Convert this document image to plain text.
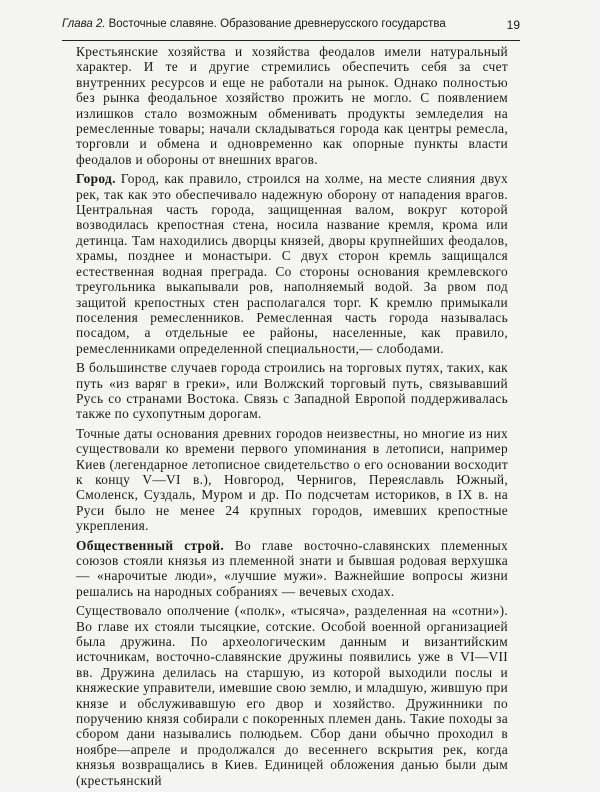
Глава 2. Восточные славяне. Образование древнерусского государства	19

Крестьянские хозяйства и хозяйства феодалов имели натуральный характер. И те и другие стремились обеспечить себя за счет внутренних ресурсов и еще не работали на рынок. Однако полностью без рынка феодальное хозяйство прожить не могло. С появлением излишков стало возможным обменивать продукты земледелия на ремесленные товары; начали складываться города как центры ремесла, торговли и обмена и одновременно как опорные пункты власти феодалов и обороны от внешних врагов.

Город. Город, как правило, строился на холме, на месте слияния двух рек, так как это обеспечивало надежную оборону от нападения врагов. Центральная часть города, защищенная валом, вокруг которой возводилась крепостная стена, носила название кремля, кромa или детинца. Там находились дворцы князей, дворы крупнейших феодалов, храмы, позднее и монастыри. С двух сторон кремль защищался естественная водная преграда. Со стороны основания кремлевского треугольника выкапывали ров, наполняемый водой. За рвом под защитой крепостных стен располагался торг. К кремлю примыкали поселения ремесленников. Ремесленная часть города называлась посадом, а отдельные ее районы, населенные, как правило, ремесленниками определенной специальности,— слободами.

В большинстве случаев города строились на торговых путях, таких, как путь «из варяг в греки», или Волжский торговый путь, связывавший Русь со странами Востока. Связь с Западной Европой поддерживалась также по сухопутным дорогам.

Точные даты основания древних городов неизвестны, но многие из них существовали ко времени первого упоминания в летописи, например Киев (легендарное летописное свидетельство о его основании восходит к концу V—VI в.), Новгород, Чернигов, Переяславль Южный, Смоленск, Суздаль, Муром и др. По подсчетам историков, в IX в. на Руси было не менее 24 крупных городов, имевших крепостные укрепления.

Общественный строй. Во главе восточно-славянских племенных союзов стояли князья из племенной знати и бывшая родовая верхушка — «нарочитые люди», «лучшие мужи». Важнейшие вопросы жизни решались на народных собраниях — вечевых сходах.

Существовало ополчение («полк», «тысяча», разделенная на «сотни»). Во главе их стояли тысяцкие, сотские. Особой военной организацией была дружина. По археологическим данным и византийским источникам, восточно-славянские дружины появились уже в VI—VII вв. Дружина делилась на старшую, из которой выходили послы и княжеские управители, имевшие свою землю, и младшую, жившую при князе и обслуживавшую его двор и хозяйство. Дружинники по поручению князя собирали с покоренных племен дань. Такие походы за сбором дани назывались полюдьем. Сбор дани обычно проходил в ноябре—апреле и продолжался до весеннего вскрытия рек, когда князья возвращались в Киев. Единицей обложения данью были дым (крестьянский
